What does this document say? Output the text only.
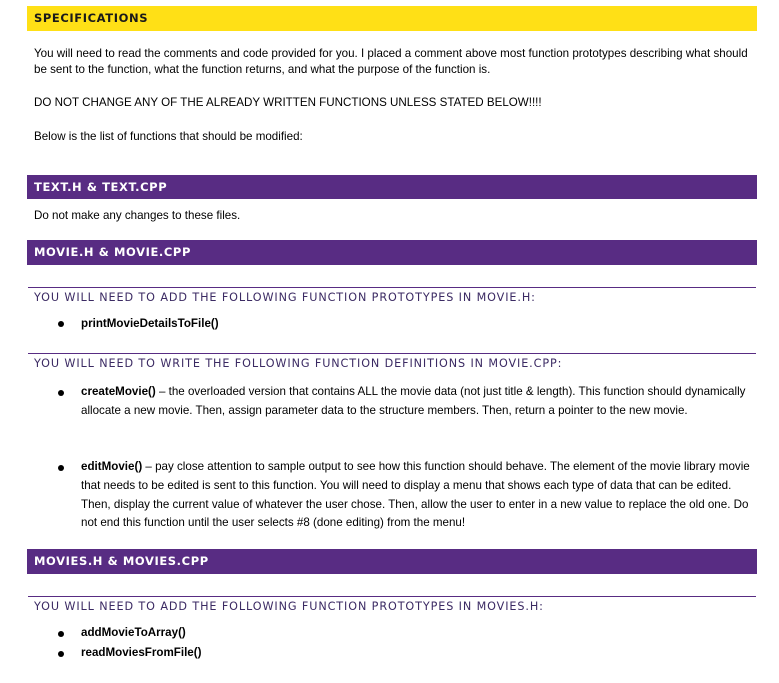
SPECIFICATIONS

You will need to read the comments and code provided for you. I placed a comment above most function prototypes describing what should be sent to the function, what the function returns, and what the purpose of the function is.

DO NOT CHANGE ANY OF THE ALREADY WRITTEN FUNCTIONS UNLESS STATED BELOW!!!!

Below is the list of functions that should be modified:

TEXT.H & TEXT.CPP

Do not make any changes to these files.

MOVIE.H & MOVIE.CPP
YOU WILL NEED TO ADD THE FOLLOWING FUNCTION PROTOTYPES IN MOVIE.H:

printMovieDetailsToFile()

YOU WILL NEED TO WRITE THE FOLLOWING FUNCTION DEFINITIONS IN MOVIE.CPP:

createMovie() – the overloaded version that contains ALL the movie data (not just title & length). This function should dynamically allocate a new movie. Then, assign parameter data to the structure members. Then, return a pointer to the new movie.

editMovie() – pay close attention to sample output to see how this function should behave. The element of the movie library movie that needs to be edited is sent to this function. You will need to display a menu that shows each type of data that can be edited. Then, display the current value of whatever the user chose. Then, allow the user to enter in a new value to replace the old one. Do not end this function until the user selects #8 (done editing) from the menu!

MOVIES.H & MOVIES.CPP
YOU WILL NEED TO ADD THE FOLLOWING FUNCTION PROTOTYPES IN MOVIES.H:

addMovieToArray()

readMoviesFromFile()
